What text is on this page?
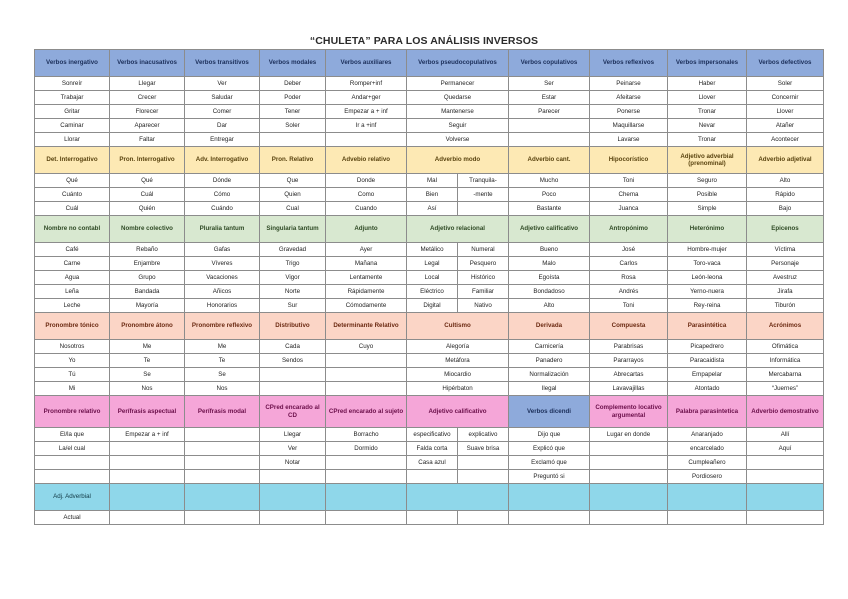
“CHULETA” PARA LOS ANÁLISIS INVERSOS
Verbos inergativo	Verbos inacusativos	Verbos transitivos	Verbos modales	Verbos auxiliares	Verbos pseudocopulativos		Verbos copulativos	Verbos reflexivos	Verbos impersonales	Verbos defectivos
Sonreír	Llegar	Ver	Deber	Romper+inf	Permanecer		Ser	Peinarse	Haber	Soler
Trabajar	Crecer	Saludar	Poder	Andar+ger	Quedarse		Estar	Afeitarse	Llover	Concernir
Gritar	Florecer	Comer	Tener	Empezar a + inf	Mantenerse		Parecer	Ponerse	Tronar	Llover
Caminar	Aparecer	Dar	Soler	Ir a +inf	Seguir			Maquillarse	Nevar	Atañer
Llorar	Faltar	Entregar			Volverse			Lavarse	Tronar	Acontecer
Det. Interrogativo	Pron. Interrogativo	Adv. Interrogativo	Pron. Relativo	Advebio relativo	Adverbio modo		Adverbio cant.	Hipocorístico	Adjetivo adverbial (prenominal)	Adverbio adjetival
Qué	Qué	Dónde	Que	Donde	Mal	Tranquila-	Mucho	Toni	Seguro	Alto
Cuánto	Cuál	Cómo	Quien	Como	Bien	-mente	Poco	Chema	Posible	Rápido
Cuál	Quién	Cuándo	Cual	Cuando	Así		Bastante	Juanca	Simple	Bajo
Nombre no contabl	Nombre colectivo	Pluralia tantum	Singularia tantum	Adjunto	Adjetivo relacional		Adjetivo calificativo	Antropónimo	Heterónimo	Epicenos
Café	Rebaño	Gafas	Gravedad	Ayer	Metálico	Numeral	Bueno	José	Hombre-mujer	Víctima
Carne	Enjambre	Víveres	Trigo	Mañana	Legal	Pesquero	Malo	Carlos	Toro-vaca	Personaje
Agua	Grupo	Vacaciones	Vigor	Lentamente	Local	Histórico	Egoísta	Rosa	León-leona	Avestruz
Leña	Bandada	Añicos	Norte	Rápidamente	Eléctrico	Familiar	Bondadoso	Andrés	Yerno-nuera	Jirafa
Leche	Mayoría	Honorarios	Sur	Cómodamente	Digital	Nativo	Alto	Toni	Rey-reina	Tiburón
Pronombre tónico	Pronombre átono	Pronombre reflexivo	Distributivo	Determinante Relativo	Cultismo		Derivada	Compuesta	Parasintética	Acrónimos
Nosotros	Me	Me	Cada	Cuyo	Alegoría		Carnicería	Parabrisas	Picapedrero	Ofimática
Yo	Te	Te	Sendos		Metáfora		Panadero	Pararrayos	Paracaidista	Informática
Tú	Se	Se			Miocardio		Normalización	Abrecartas	Empapelar	Mercabarna
Mi	Nos	Nos			Hipérbaton		Ilegal	Lavavajillas	Atontado	“Juernes”
Pronombre relativo	Perífrasis aspectual	Perífrasis modal	CPred encarado al CD	CPred encarado al sujeto	Adjetivo calificativo		Verbos dicendi	Complemento locativo argumental	Palabra parasintetica	Adverbio demostrativo
El/la que	Empezar a + inf		Llegar	Borracho	especificativo	explicativo	Dijo que	Lugar en donde	Anaranjado	Allí
La/el cual			Ver	Dormido	Falda corta	Suave brisa	Explicó que		encarcelado	Aquí
			Notar		Casa azul		Exclamó que		Cumpleañero	
							Preguntó si		Pordiosero	
Adj. Adverbial										
Actual										
